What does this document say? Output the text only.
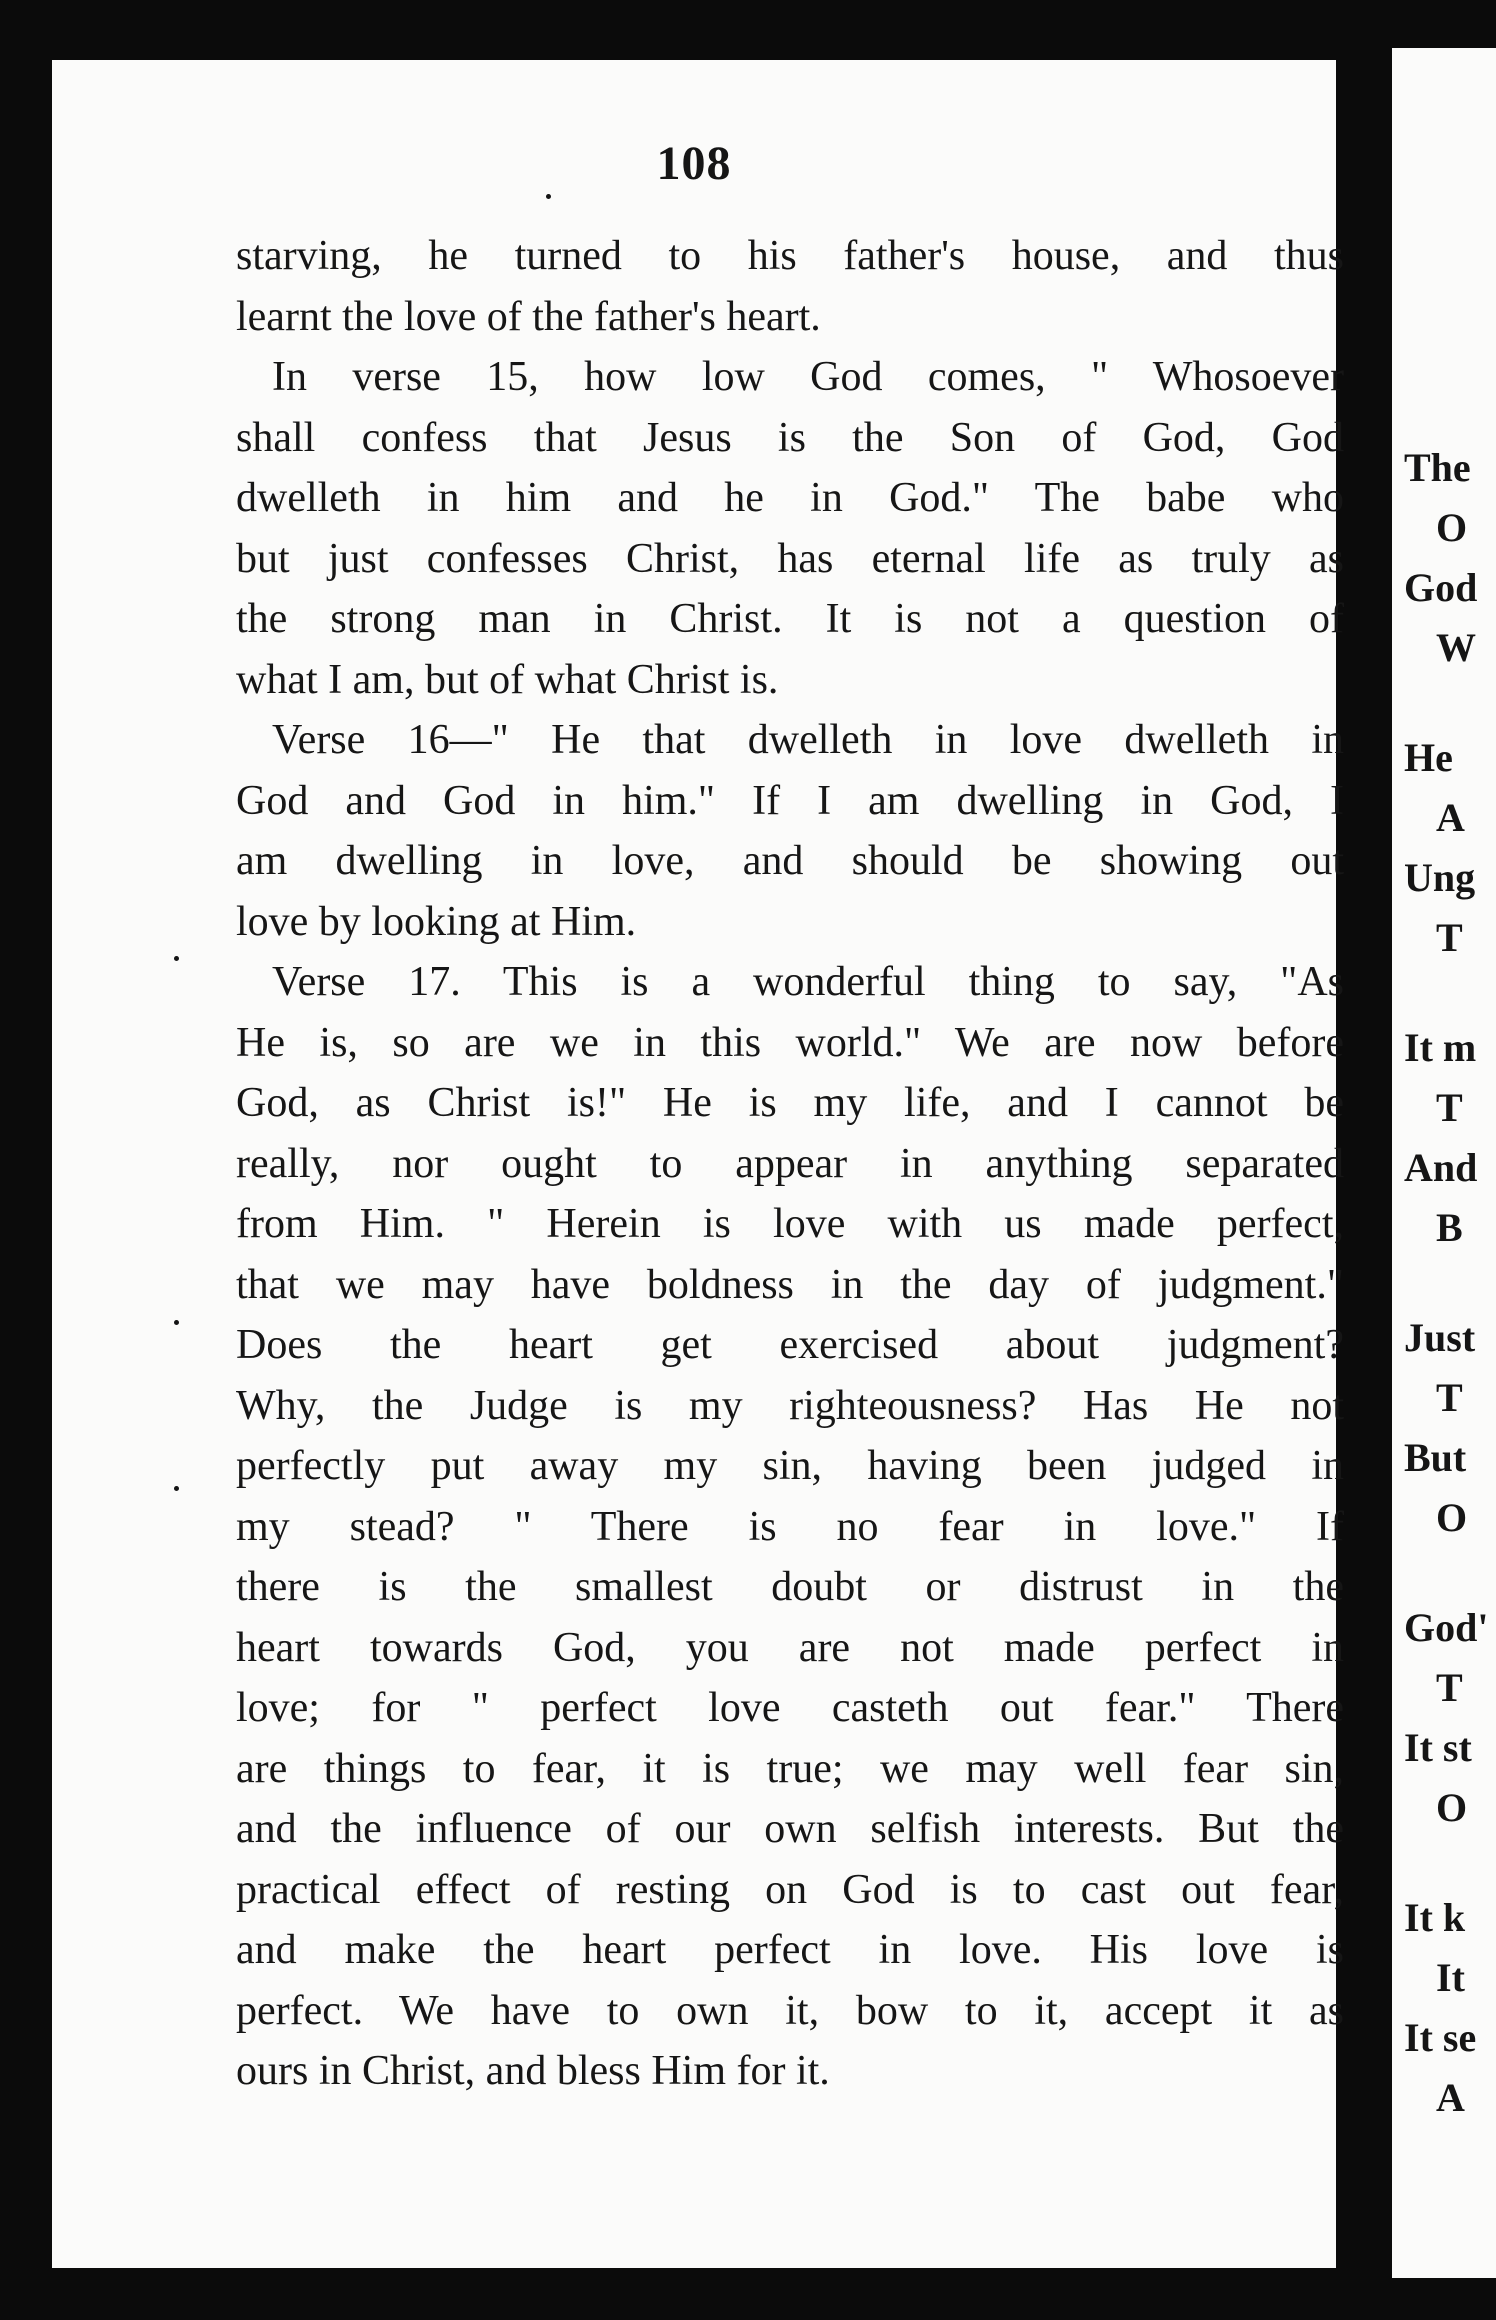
108
starving, he turned to his father's house, and thus
learnt the love of the father's heart.
In verse 15, how low God comes, " Whosoever
shall confess that Jesus is the Son of God, God
dwelleth in him and he in God." The babe who
but just confesses Christ, has eternal life as truly as
the strong man in Christ. It is not a question of
what I am, but of what Christ is.
Verse 16—" He that dwelleth in love dwelleth in
God and God in him." If I am dwelling in God, I
am dwelling in love, and should be showing out
love by looking at Him.
Verse 17. This is a wonderful thing to say, "As
He is, so are we in this world." We are now before
God, as Christ is!" He is my life, and I cannot be
really, nor ought to appear in anything separated
from Him. " Herein is love with us made perfect,
that we may have boldness in the day of judgment."
Does the heart get exercised about judgment?
Why, the Judge is my righteousness? Has He not
perfectly put away my sin, having been judged in
my stead? " There is no fear in love." If
there is the smallest doubt or distrust in the
heart towards God, you are not made perfect in
love; for " perfect love casteth out fear." There
are things to fear, it is true; we may well fear sin,
and the influence of our own selfish interests. But the
practical effect of resting on God is to cast out fear,
and make the heart perfect in love. His love is
perfect. We have to own it, bow to it, accept it as
ours in Christ, and bless Him for it.
The
O
God
W
He
A
Ung
T
It m
T
And
B
Just
T
But
O
God'
T
It st
O
It k
It
It se
A
